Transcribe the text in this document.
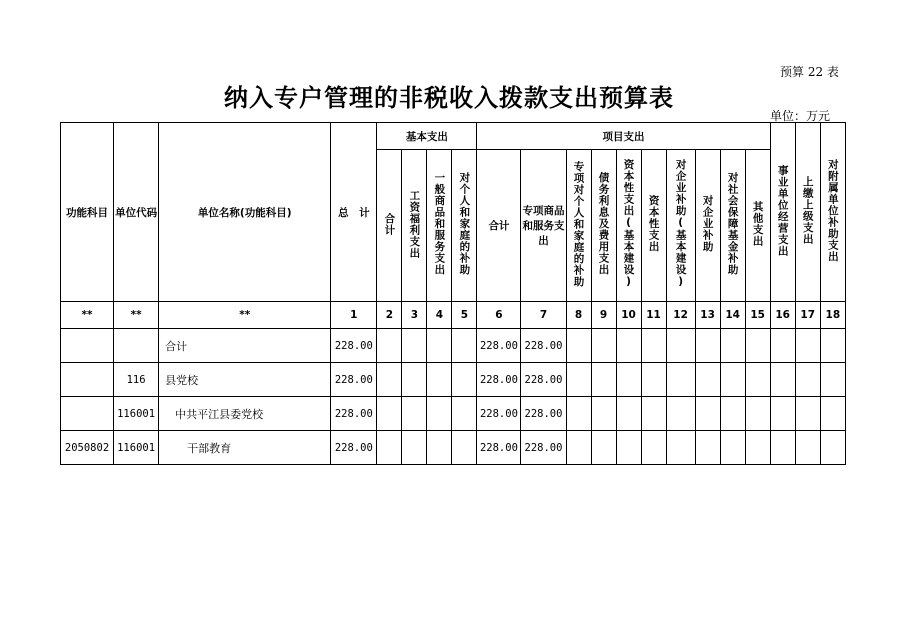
预算 22 表
纳入专户管理的非税收入拨款支出预算表
单位：万元
功能科目	单位代码	单位名称(功能科目)	总　计	基本支出				项目支出										事业单位经营支出	上缴上级支出	对附属单位补助支出
				合计	工资福利支出	一般商品和服务支出	对个人和家庭的补助	合计	专项商品和服务支出	专项对个人和家庭的补助	债务利息及费用支出	资本性支出(基本建设)	资本性支出	对企业补助(基本建设)	对企业补助	对社会保障基金补助	其他支出			
**	**	**	1	2	3	4	5	6	7	8	9	10	11	12	13	14	15	16	17	18
		合计	228.00					228.00	228.00											
	116	县党校	228.00					228.00	228.00											
	116001	中共平江县委党校	228.00					228.00	228.00											
2050802	116001	干部教育	228.00					228.00	228.00											
